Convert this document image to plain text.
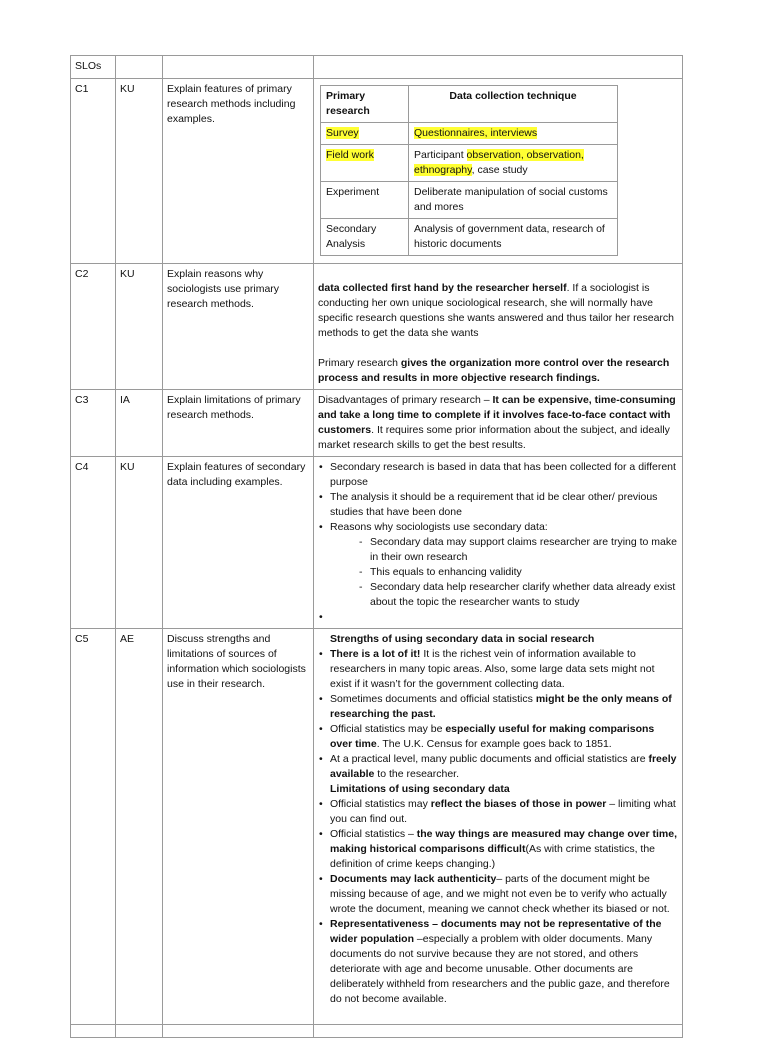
SLOs			
C1	KU	Explain features of primary research methods including examples.	
Primary research	Data collection technique
Survey	Questionnaires, interviews
Field work	Participant observation, observation, ethnography, case study
Experiment	Deliberate manipulation of social customs and mores
Secondary Analysis	Analysis of government data, research of historic documents

C2	KU	Explain reasons why sociologists use primary research methods.	

data collected first hand by the researcher herself. If a sociologist is conducting her own unique sociological research, she will normally have specific research questions she wants answered and thus tailor her research methods to get the data she wants

Primary research gives the organization more control over the research process and results in more objective research findings.

C3	IA	Explain limitations of primary research methods.	

Disadvantages of primary research – It can be expensive, time-consuming and take a long time to complete if it involves face-to-face contact with customers. It requires some prior information about the subject, and ideally market research skills to get the best results.

C4	KU	Explain features of secondary data including examples.	
• Secondary research is based in data that has been collected for a different purpose
• The analysis it should be a requirement that id be clear other/ previous studies that have been done
• Reasons why sociologists use secondary data:
- Secondary data may support claims researcher are trying to make in their own research
- This equals to enhancing validity
- Secondary data help researcher clarify whether data already exist about the topic the researcher wants to study
•

C5	AE	Discuss strengths and limitations of sources of information which sociologists use in their research.	

Strengths of using secondary data in social research

• There is a lot of it! It is the richest vein of information available to researchers in many topic areas. Also, some large data sets might not exist if it wasn’t for the government collecting data.
• Sometimes documents and official statistics might be the only means of researching the past.
• Official statistics may be especially useful for making comparisons over time. The U.K. Census for example goes back to 1851.
• At a practical level, many public documents and official statistics are freely available to the researcher.

Limitations of using secondary data

• Official statistics may reflect the biases of those in power – limiting what you can find out.
• Official statistics – the way things are measured may change over time, making historical comparisons difficult(As with crime statistics, the definition of crime keeps changing.)
• Documents may lack authenticity– parts of the document might be missing because of age, and we might not even be to verify who actually wrote the document, meaning we cannot check whether its biased or not.
• Representativeness – documents may not be representative of the wider population –especially a problem with older documents. Many documents do not survive because they are not stored, and others deteriorate with age and become unusable. Other documents are deliberately withheld from researchers and the public gaze, and therefore do not become available.
